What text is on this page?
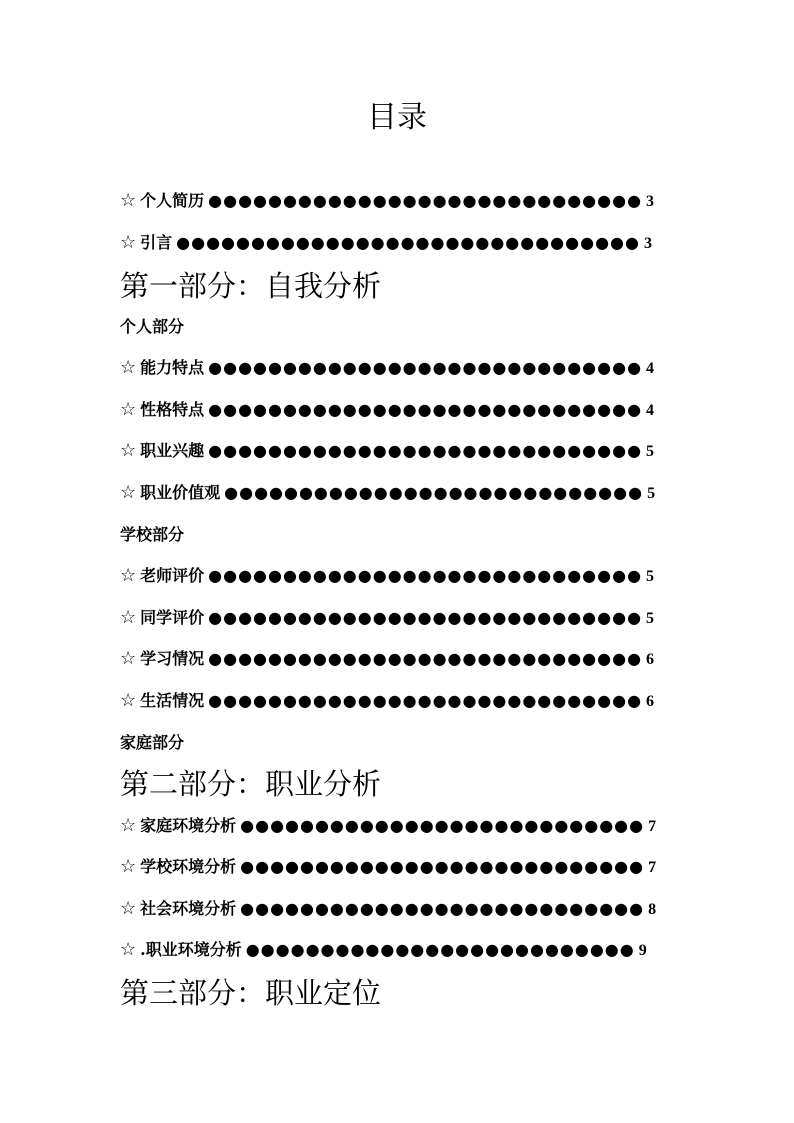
目录
☆ 个人简历 ●●●●●●●●●●●●●●●●●●●●●●●●●●●●● 3
☆ 引言 ●●●●●●●●●●●●●●●●●●●●●●●●●●●●●●● 3
第一部分：自我分析
个人部分
☆ 能力特点 ●●●●●●●●●●●●●●●●●●●●●●●●●●●●● 4
☆ 性格特点 ●●●●●●●●●●●●●●●●●●●●●●●●●●●●● 4
☆ 职业兴趣 ●●●●●●●●●●●●●●●●●●●●●●●●●●●●● 5
☆ 职业价值观 ●●●●●●●●●●●●●●●●●●●●●●●●●●●● 5
学校部分
☆ 老师评价 ●●●●●●●●●●●●●●●●●●●●●●●●●●●●● 5
☆ 同学评价 ●●●●●●●●●●●●●●●●●●●●●●●●●●●●● 5
☆ 学习情况 ●●●●●●●●●●●●●●●●●●●●●●●●●●●●● 6
☆ 生活情况 ●●●●●●●●●●●●●●●●●●●●●●●●●●●●● 6
家庭部分
第二部分：职业分析
☆ 家庭环境分析 ●●●●●●●●●●●●●●●●●●●●●●●●●●● 7
☆ 学校环境分析 ●●●●●●●●●●●●●●●●●●●●●●●●●●● 7
☆ 社会环境分析 ●●●●●●●●●●●●●●●●●●●●●●●●●●● 8
☆ .职业环境分析 ●●●●●●●●●●●●●●●●●●●●●●●●●● 9
第三部分：职业定位
